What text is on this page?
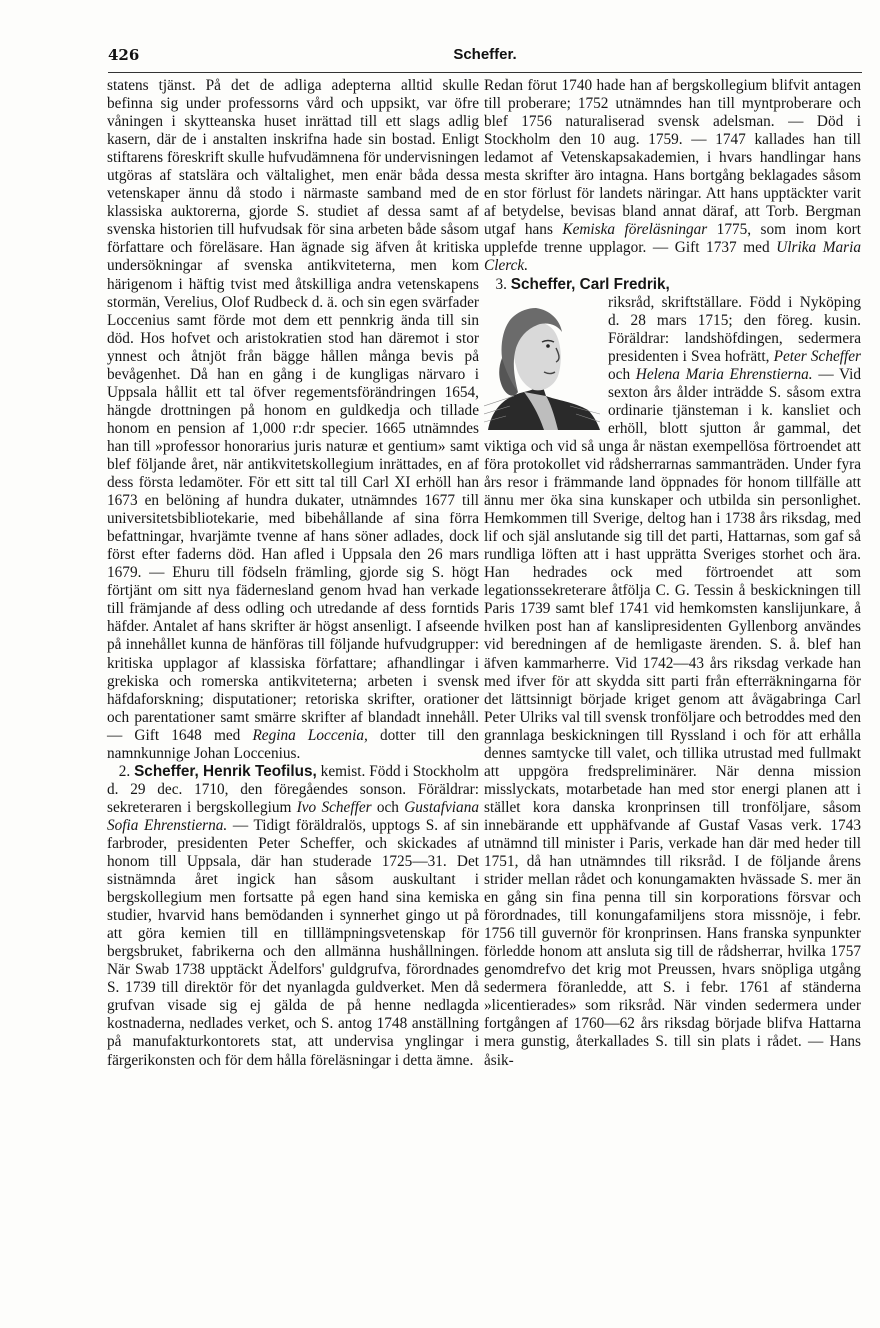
426	Scheffer.

statens tjänst. På det de adliga adepterna alltid skulle befinna sig under professorns vård och uppsikt, var öfre våningen i skytteanska huset inrättad till ett slags adlig kasern, där de i anstalten inskrifna hade sin bostad. Enligt stiftarens föreskrift skulle hufvudämnena för undervisningen utgöras af statslära och vältalighet, men enär båda dessa vetenskaper ännu då stodo i närmaste samband med de klassiska auktorerna, gjorde S. studiet af dessa samt af svenska historien till hufvudsak för sina arbeten både såsom författare och föreläsare. Han ägnade sig äfven åt kritiska undersökningar af svenska antikviteterna, men kom härigenom i häftig tvist med åtskilliga andra vetenskapens stormän, Verelius, Olof Rudbeck d. ä. och sin egen svärfader Loccenius samt förde mot dem ett pennkrig ända till sin död. Hos hofvet och aristokratien stod han däremot i stor ynnest och åtnjöt från bägge hållen många bevis på bevågenhet. Då han en gång i de kungligas närvaro i Uppsala hållit ett tal öfver regementsförändringen 1654, hängde drottningen på honom en guldkedja och tillade honom en pension af 1,000 r:dr specier. 1665 utnämndes han till »professor honorarius juris naturæ et gentium» samt blef följande året, när antikvitetskollegium inrättades, en af dess första ledamöter. För ett sitt tal till Carl XI erhöll han 1673 en belöning af hundra dukater, utnämndes 1677 till universitetsbibliotekarie, med bibehållande af sina förra befattningar, hvarjämte tvenne af hans söner adlades, dock först efter faderns död. Han afled i Uppsala den 26 mars 1679. — Ehuru till födseln främling, gjorde sig S. högt förtjänt om sitt nya fädernesland genom hvad han verkade till främjande af dess odling och utredande af dess forntids häfder. Antalet af hans skrifter är högst ansenligt. I afseende på innehållet kunna de hänföras till följande hufvudgrupper: kritiska upplagor af klassiska författare; afhandlingar i grekiska och romerska antikviteterna; arbeten i svensk häfdaforskning; disputationer; retoriska skrifter, orationer och parentationer samt smärre skrifter af blandadt innehåll. — Gift 1648 med Regina Loccenia, dotter till den namnkunnige Johan Loccenius.

2. Scheffer, Henrik Teofilus, kemist. Född i Stockholm d. 29 dec. 1710, den föregåendes sonson. Föräldrar: sekreteraren i bergskollegium Ivo Scheffer och Gustafviana Sofia Ehrenstierna. — Tidigt föräldralös, upptogs S. af sin farbroder, presidenten Peter Scheffer, och skickades af honom till Uppsala, där han studerade 1725—31. Det sistnämnda året ingick han såsom auskultant i bergskollegium men fortsatte på egen hand sina kemiska studier, hvarvid hans bemödanden i synnerhet gingo ut på att göra kemien till en tilllämpningsvetenskap för bergsbruket, fabrikerna och den allmänna hushållningen. När Swab 1738 upptäckt Ädelfors' guldgrufva, förordnades S. 1739 till direktör för det nyanlagda guldverket. Men då grufvan visade sig ej gälda de på henne nedlagda kostnaderna, nedlades verket, och S. antog 1748 anställning på manufakturkontorets stat, att undervisa ynglingar i färgerikonsten och för dem hålla föreläsningar i detta ämne.

Redan förut 1740 hade han af bergskollegium blifvit antagen till proberare; 1752 utnämndes han till myntproberare och blef 1756 naturaliserad svensk adelsman. — Död i Stockholm den 10 aug. 1759. — 1747 kallades han till ledamot af Vetenskapsakademien, i hvars handlingar hans mesta skrifter äro intagna. Hans bortgång beklagades såsom en stor förlust för landets näringar. Att hans upptäckter varit af betydelse, bevisas bland annat däraf, att Torb. Bergman utgaf hans Kemiska föreläsningar 1775, som inom kort upplefde trenne upplagor. — Gift 1737 med Ulrika Maria Clerck.

3. Scheffer, Carl Fredrik,

riksråd, skriftställare. Född i Nyköping d. 28 mars 1715; den föreg. kusin. Föräldrar: landshöfdingen, sedermera presidenten i Svea hofrätt, Peter Scheffer och Helena Maria Ehrenstierna. — Vid sexton års ålder inträdde S. såsom extra ordinarie tjänsteman i k. kansliet och erhöll, blott sjutton år gammal, det viktiga och vid så unga år nästan exempellösa förtroendet att föra protokollet vid rådsherrarnas sammanträden. Under fyra års resor i främmande land öppnades för honom tillfälle att ännu mer öka sina kunskaper och utbilda sin personlighet. Hemkommen till Sverige, deltog han i 1738 års riksdag, med lif och själ anslutande sig till det parti, Hattarnas, som gaf så rundliga löften att i hast upprätta Sveriges storhet och ära. Han hedrades ock med förtroendet att som legationssekreterare åtfölja C. G. Tessin å beskickningen till Paris 1739 samt blef 1741 vid hemkomsten kanslijunkare, å hvilken post han af kanslipresidenten Gyllenborg användes vid beredningen af de hemligaste ärenden. S. å. blef han äfven kammarherre. Vid 1742—43 års riksdag verkade han med ifver för att skydda sitt parti från efterräkningarna för det lättsinnigt började kriget genom att åvägabringa Carl Peter Ulriks val till svensk tronföljare och betroddes med den grannlaga beskickningen till Ryssland i och för att erhålla dennes samtycke till valet, och tillika utrustad med fullmakt att uppgöra fredspreliminärer. När denna mission misslyckats, motarbetade han med stor energi planen att i stället kora danska kronprinsen till tronföljare, såsom innebärande ett upphäfvande af Gustaf Vasas verk. 1743 utnämnd till minister i Paris, verkade han där med heder till 1751, då han utnämndes till riksråd. I de följande årens strider mellan rådet och konungamakten hvässade S. mer än en gång sin fina penna till sin korporations försvar och förordnades, till konungafamiljens stora missnöje, i febr. 1756 till guvernör för kronprinsen. Hans franska synpunkter förledde honom att ansluta sig till de rådsherrar, hvilka 1757 genomdrefvo det krig mot Preussen, hvars snöpliga utgång sedermera föranledde, att S. i febr. 1761 af ständerna »licentierades» som riksråd. När vinden sedermera under fortgången af 1760—62 års riksdag började blifva Hattarna mera gunstig, återkallades S. till sin plats i rådet. — Hans åsik-
